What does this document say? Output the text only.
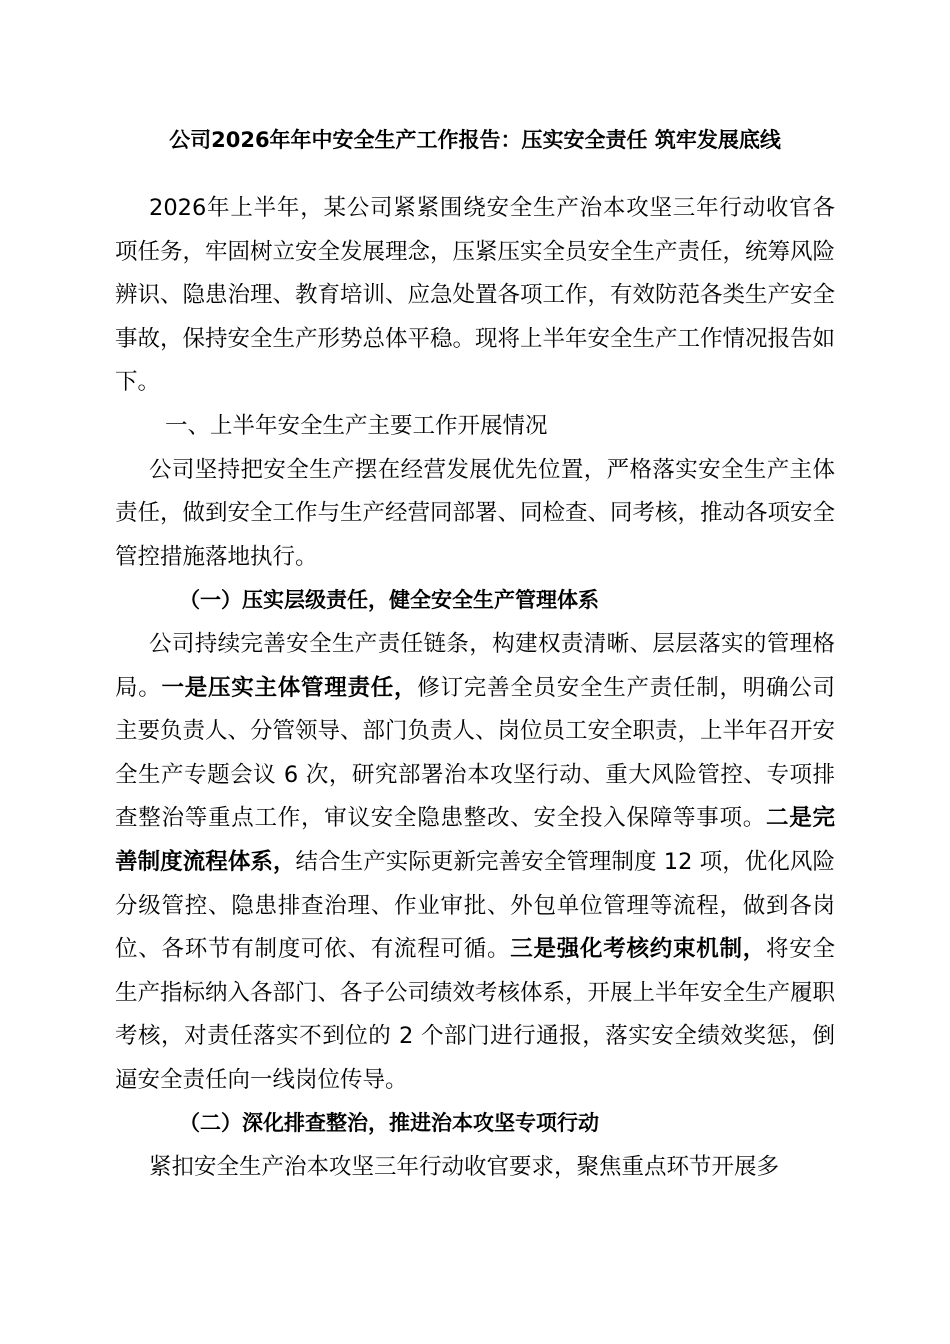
公司2026年年中安全生产工作报告：压实安全责任 筑牢发展底线

2026年上半年，某公司紧紧围绕安全生产治本攻坚三年行动收官各项任务，牢固树立安全发展理念，压紧压实全员安全生产责任，统筹风险辨识、隐患治理、教育培训、应急处置各项工作，有效防范各类生产安全事故，保持安全生产形势总体平稳。现将上半年安全生产工作情况报告如下。

一、上半年安全生产主要工作开展情况

公司坚持把安全生产摆在经营发展优先位置，严格落实安全生产主体责任，做到安全工作与生产经营同部署、同检查、同考核，推动各项安全管控措施落地执行。

（一）压实层级责任，健全安全生产管理体系

公司持续完善安全生产责任链条，构建权责清晰、层层落实的管理格局。一是压实主体管理责任，修订完善全员安全生产责任制，明确公司主要负责人、分管领导、部门负责人、岗位员工安全职责，上半年召开安全生产专题会议 6 次，研究部署治本攻坚行动、重大风险管控、专项排查整治等重点工作，审议安全隐患整改、安全投入保障等事项。二是完善制度流程体系，结合生产实际更新完善安全管理制度 12 项，优化风险分级管控、隐患排查治理、作业审批、外包单位管理等流程，做到各岗位、各环节有制度可依、有流程可循。三是强化考核约束机制，将安全生产指标纳入各部门、各子公司绩效考核体系，开展上半年安全生产履职考核，对责任落实不到位的 2 个部门进行通报，落实安全绩效奖惩，倒逼安全责任向一线岗位传导。

（二）深化排查整治，推进治本攻坚专项行动

紧扣安全生产治本攻坚三年行动收官要求，聚焦重点环节开展多
